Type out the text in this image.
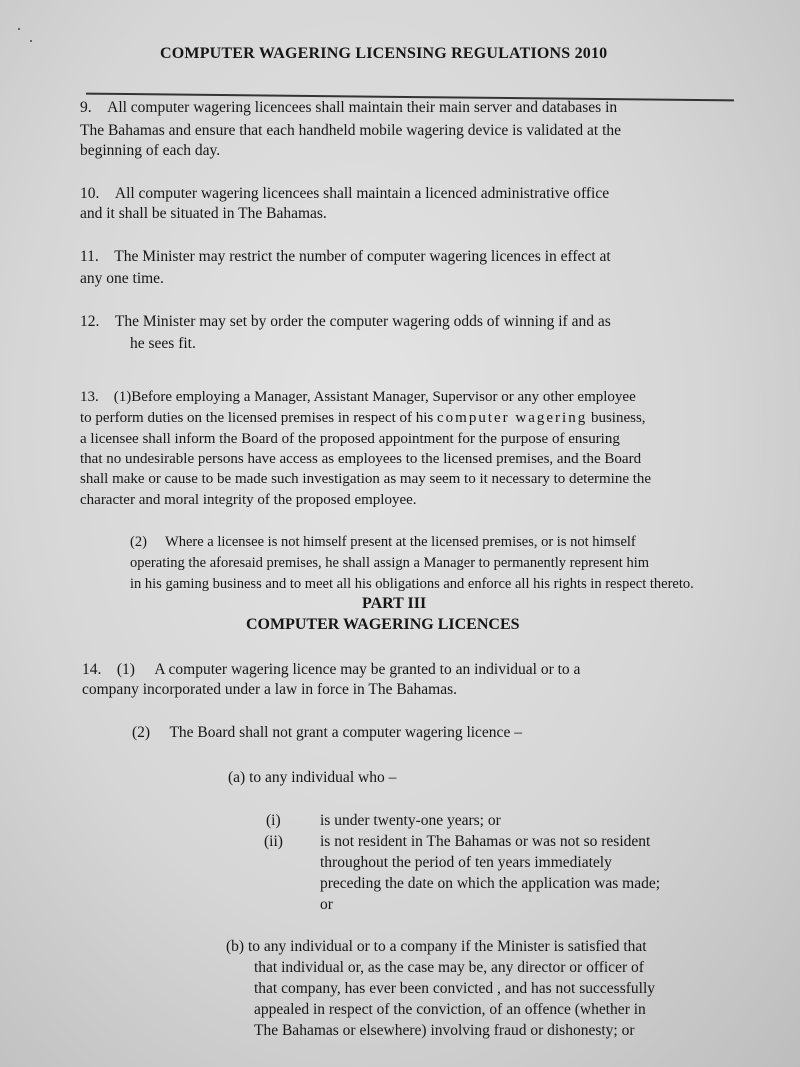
COMPUTER WAGERING LICENSING REGULATIONS 2010
9.    All computer wagering licencees shall maintain their main server and databases in
The Bahamas and ensure that each handheld mobile wagering device is validated at the
beginning of each day.
10.    All computer wagering licencees shall maintain a licenced administrative office
and it shall be situated in The Bahamas.
11.    The Minister may restrict the number of computer wagering licences in effect at
any one time.
12.    The Minister may set by order the computer wagering odds of winning if and as
he sees fit.
13.    (1)Before employing a Manager, Assistant Manager, Supervisor or any other employee
to perform duties on the licensed premises in respect of his computer wagering business,
a licensee shall inform the Board of the proposed appointment for the purpose of ensuring
that no undesirable persons have access as employees to the licensed premises, and the Board
shall make or cause to be made such investigation as may seem to it necessary to determine the
character and moral integrity of the proposed employee.
(2)     Where a licensee is not himself present at the licensed premises, or is not himself
operating the aforesaid premises, he shall assign a Manager to permanently represent him
in his gaming business and to meet all his obligations and enforce all his rights in respect thereto.
PART III
COMPUTER WAGERING LICENCES
14.    (1)     A computer wagering licence may be granted to an individual or to a
company incorporated under a law in force in The Bahamas.
(2)     The Board shall not grant a computer wagering licence –
(a) to any individual who –
(i)	is under twenty-one years; or
(ii) is not resident in The Bahamas or was not so resident
throughout the period of ten years immediately
preceding the date on which the application was made;
or
(b) to any individual or to a company if the Minister is satisfied that
that individual or, as the case may be, any director or officer of
that company, has ever been convicted , and has not successfully
appealed in respect of the conviction, of an offence (whether in
The Bahamas or elsewhere) involving fraud or dishonesty; or
